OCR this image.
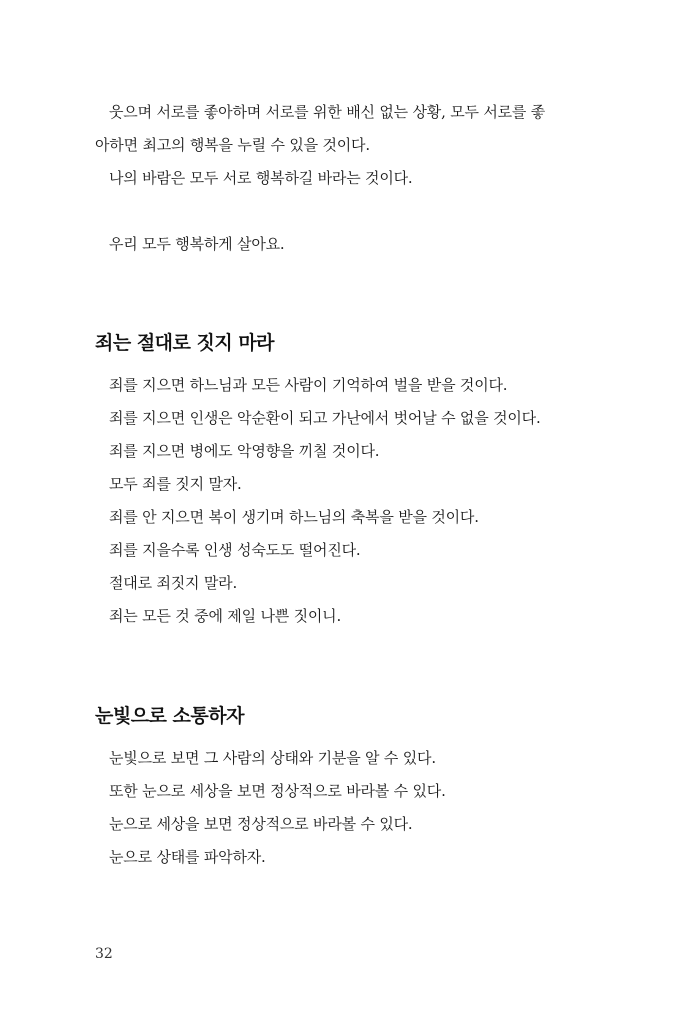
웃으며 서로를 좋아하며 서로를 위한 배신 없는 상황, 모두 서로를 좋

아하면 최고의 행복을 누릴 수 있을 것이다.

나의 바람은 모두 서로 행복하길 바라는 것이다.

우리 모두 행복하게 살아요.

죄는 절대로 짓지 마라

죄를 지으면 하느님과 모든 사람이 기억하여 벌을 받을 것이다.

죄를 지으면 인생은 악순환이 되고 가난에서 벗어날 수 없을 것이다.

죄를 지으면 병에도 악영향을 끼칠 것이다.

모두 죄를 짓지 말자.

죄를 안 지으면 복이 생기며 하느님의 축복을 받을 것이다.

죄를 지을수록 인생 성숙도도 떨어진다.

절대로 죄짓지 말라.

죄는 모든 것 중에 제일 나쁜 짓이니.

눈빛으로 소통하자

눈빛으로 보면 그 사람의 상태와 기분을 알 수 있다.

또한 눈으로 세상을 보면 정상적으로 바라볼 수 있다.

눈으로 세상을 보면 정상적으로 바라볼 수 있다.

눈으로 상태를 파악하자.

32
